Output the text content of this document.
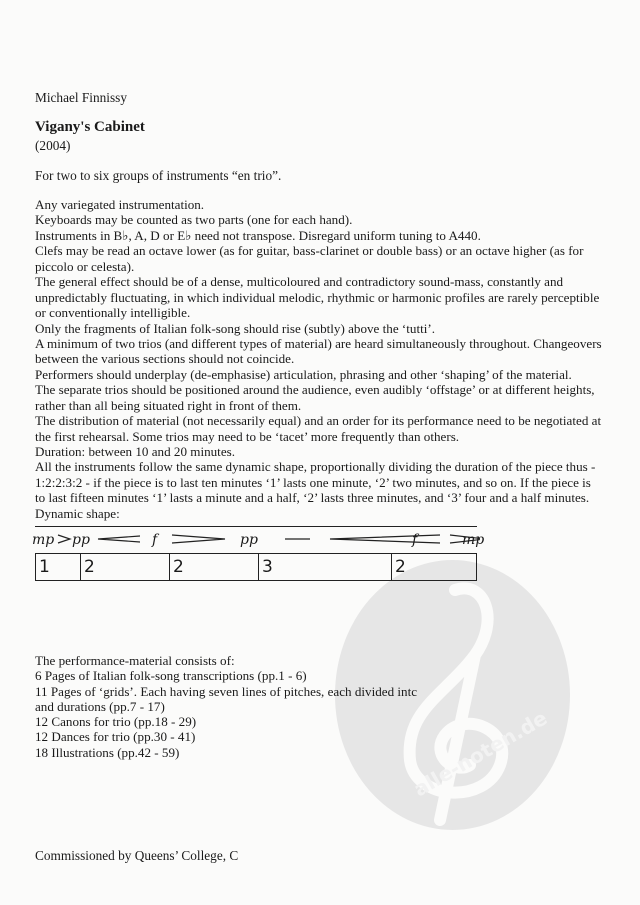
alle-noten.de
Michael Finnissy
Vigany's Cabinet
(2004)
For two to six groups of instruments “en trio”.
Any variegated instrumentation.
Keyboards may be counted as two parts (one for each hand).
Instruments in B♭, A, D or E♭ need not transpose. Disregard uniform tuning to A440.
Clefs may be read an octave lower (as for guitar, bass-clarinet or double bass) or an octave higher (as for
piccolo or celesta).
The general effect should be of a dense, multicoloured and contradictory sound-mass, constantly and
unpredictably fluctuating, in which individual melodic, rhythmic or harmonic profiles are rarely perceptible
or conventionally intelligible.
Only the fragments of Italian folk-song should rise (subtly) above the ‘tutti’.
A minimum of two trios (and different types of material) are heard simultaneously throughout. Changeovers
between the various sections should not coincide.
Performers should underplay (de-emphasise) articulation, phrasing and other ‘shaping’ of the material.
The separate trios should be positioned around the audience, even audibly ‘offstage’ or at different heights,
rather than all being situated right in front of them.
The distribution of material (not necessarily equal) and an order for its performance need to be negotiated at
the first rehearsal. Some trios may need to be ‘tacet’ more frequently than others.
Duration: between 10 and 20 minutes.
All the instruments follow the same dynamic shape, proportionally dividing the duration of the piece thus -
1:2:2:3:2 - if the piece is to last ten minutes ‘1’ lasts one minute, ‘2’ two minutes, and so on. If the piece is
to last fifteen minutes ‘1’ lasts a minute and a half, ‘2’ lasts three minutes, and ‘3’ four and a half minutes.
Dynamic shape:
mp pp	f	pp	f	mp
1	2	2	3	2
The performance-material consists of:
6 Pages of Italian folk-song transcriptions (pp.1 - 6)
11 Pages of ‘grids’. Each having seven lines of pitches, each divided intc
and durations (pp.7 - 17)
12 Canons for trio (pp.18 - 29)
12 Dances for trio (pp.30 - 41)
18 Illustrations (pp.42 - 59)
Commissioned by Queens’ College, C
